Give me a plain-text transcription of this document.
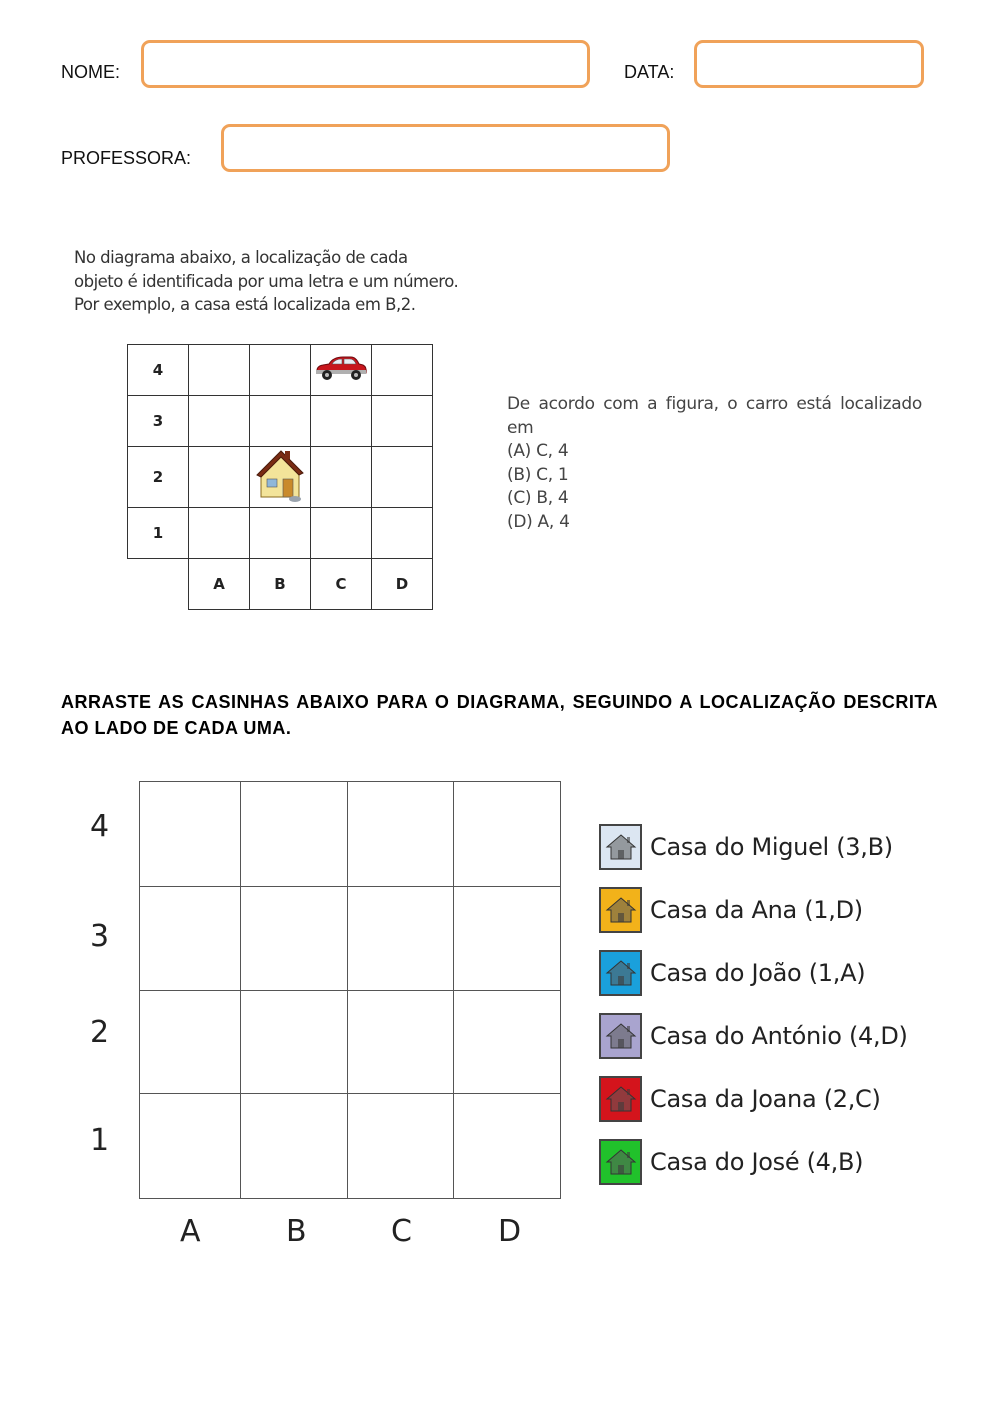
NOME:	DATA:
PROFESSORA:
No diagrama abaixo, a localização de cada
objeto é identificada por uma letra e um número.
Por exemplo, a casa está localizada em B,2.
4				
3				
2				
1				
	A	B	C	D
De acordo com a figura, o carro está localizado em
(A) C, 4
(B) C, 1
(C) B, 4
(D) A, 4
ARRASTE AS CASINHAS ABAIXO PARA O DIAGRAMA, SEGUINDO A LOCALIZAÇÃO DESCRITA AO LADO DE CADA UMA.
4
3
2
1
A	B	C	D
Casa do Miguel (3,B)
Casa da Ana (1,D)
Casa do João (1,A)
Casa do António (4,D)
Casa da Joana (2,C)
Casa do José (4,B)
